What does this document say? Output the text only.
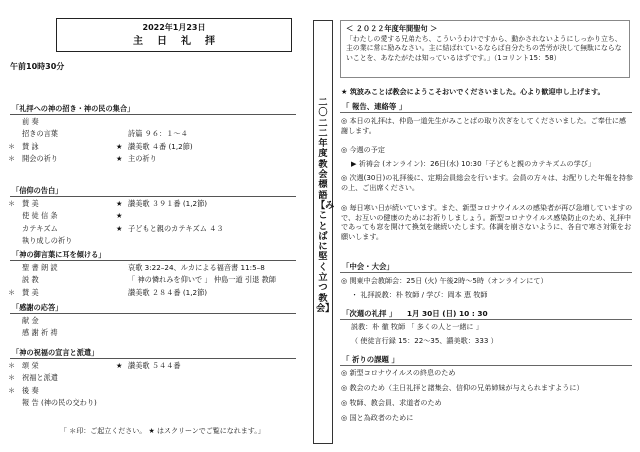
2022年1月23日
主日礼拝
午前10時30分
「礼拝への神の招き・神の民の集合」
前 奏
招きの言葉	詩篇 ９６：１～４
＊ 賛 詠	★ 讃美歌 ４番 (1,2節)
＊ 開会の祈り	★ 主の祈り
「信仰の告白」
＊ 賛 美	★ 讃美歌 ３９１番 (1,2節)
使 徒 信 条	★
カテキズム	★ 子どもと親のカテキズム ４３
執り成しの祈り
「神の御言葉に耳を傾ける」
聖 書 朗 読	哀歌 3:22–24、ルカによる福音書 11:5–8
説 教	「 神の憐れみを仰いで 」 仲島一道 引退 教師
＊ 賛 美	讃美歌 ２８４番 (1,2節)
「感謝の応答」
献 金
感 謝 祈 祷
「神の祝福の宣言と派遣」
＊ 頌 栄	★ 讃美歌 ５４４番
＊ 祝福と派遣
＊ 後 奏
報 告 (神の民の交わり)
「 ＊印：ご起立ください。 ★ はスクリーンでご覧になれます。」
二〇二二年度 教会標語 【みことばに堅く立つ教会】
＜ ２０２２年度年間聖句 ＞
「わたしの愛する兄弟たち、こういうわけですから、動かされないようにしっかり立ち、主の業に常に励みなさい。主に結ばれているならば自分たちの苦労が決して無駄にならないことを、あなたがたは知っているはずです。」（1コリント15：58）
★ 筑波みことば教会にようこそおいでくださいました。心より歓迎申し上げます。
「 報告、連絡等 」
◎ 本日の礼拝は、仲島一道先生がみことばの取り次ぎをしてくださいました。ご奉仕に感謝します。
◎ 今週の予定
▶ 祈祷会 (オンライン)：26日(水) 10:30「子どもと親のカテキズムの学び」
◎ 次週(30日)の礼拝後に、定期会員総会を行います。会員の方々は、お配りした年報を持参の上、ご出席ください。
◎ 毎日寒い日が続いています。また、新型コロナウイルスの感染者が再び急増していますので、お互いの健康のためにお祈りしましょう。新型コロナウイルス感染防止のため、礼拝中であっても窓を開けて換気を継続いたします。体調を崩さないように、各自で寒さ対策をお願いします。
「中会・大会」
◎ 関東中会教師会：25日 (火) 午後2時～5時（オンラインにて）
・ 礼拝説教：朴 牧師 / 学び：岡本 恵 牧師
「次週の礼拝 」 1月 30日 (日) 10 : 30
説教：朴 徹 牧師 「 多くの人と一緒に 」
（ 使徒言行録 15：22～35、讃美歌：333 ）
「 祈りの課題 」
◎ 新型コロナウイルスの終息のため
◎ 教会のため（主日礼拝と諸集会、信仰の兄弟姉妹が与えられますように）
◎ 牧師、教会員、求道者のため
◎ 国と為政者のために
